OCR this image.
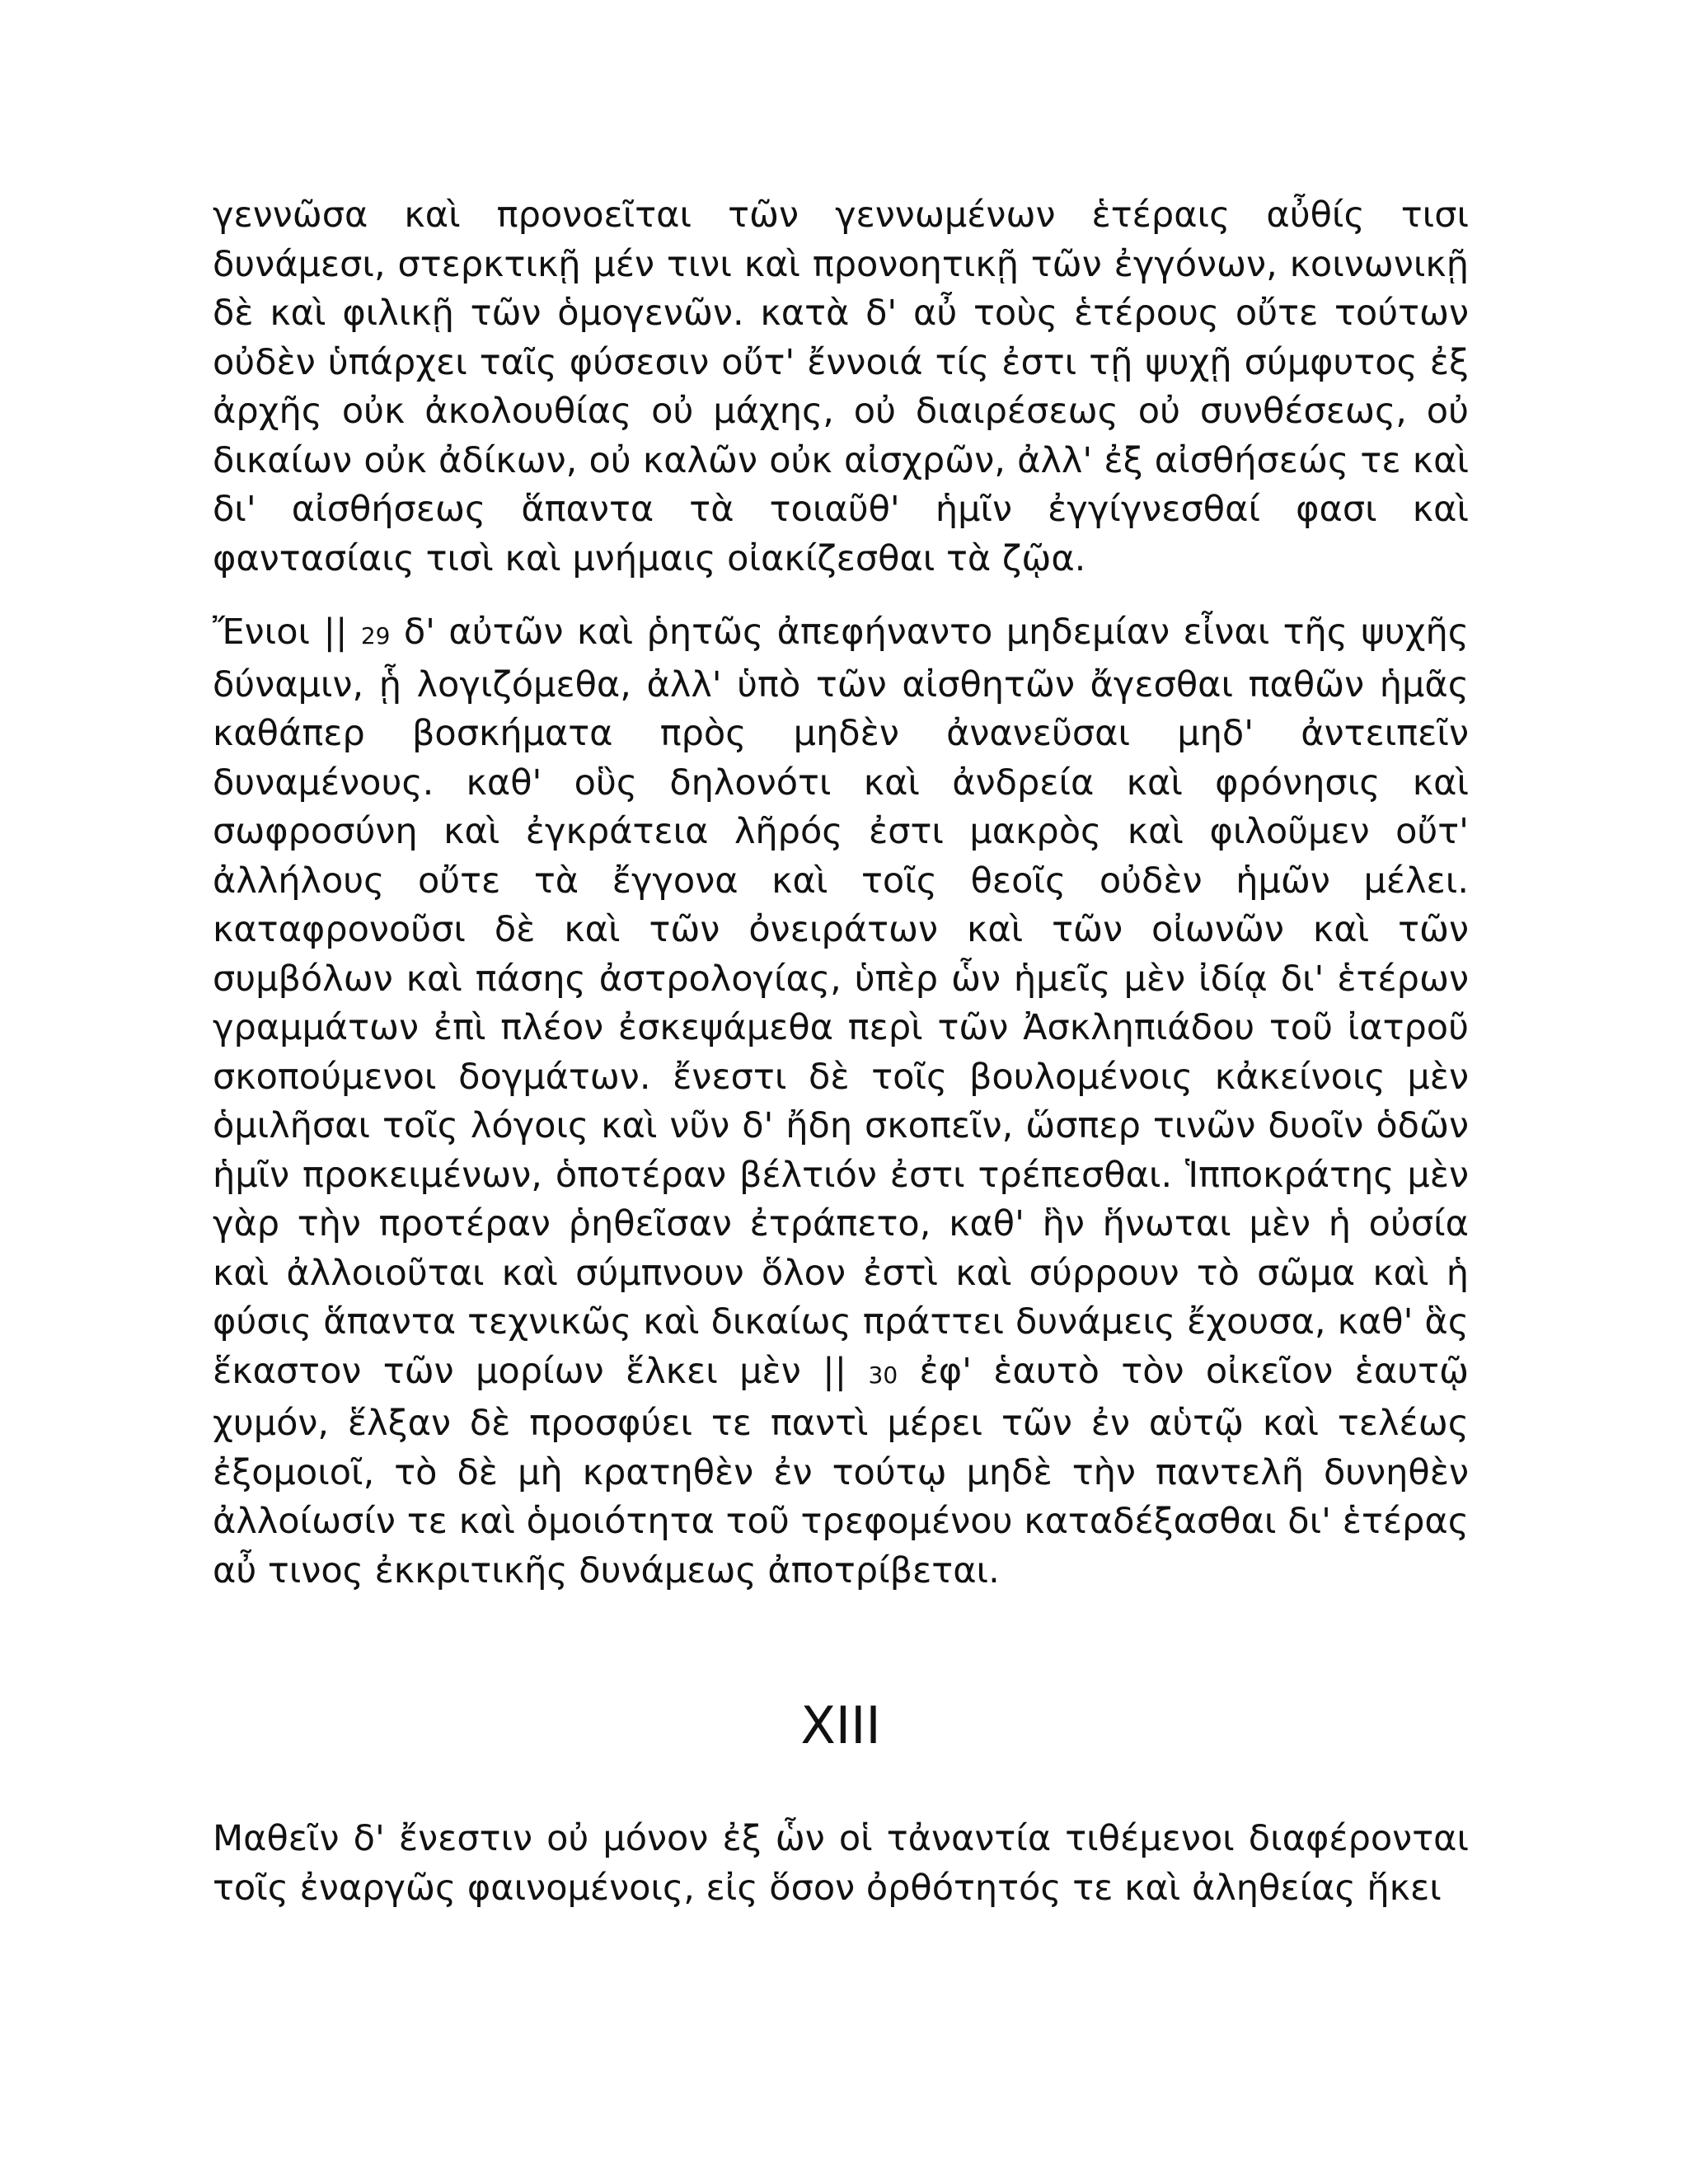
γεννῶσα καὶ προνοεῖται τῶν γεννωμένων ἑτέραις αὖθίς τισι δυνάμεσι, στερκτικῇ μέν τινι καὶ προνοητικῇ τῶν ἐγγόνων, κοινωνικῇ δὲ καὶ φιλικῇ τῶν ὁμογενῶν. κατὰ δ' αὖ τοὺς ἑτέρους οὔτε τούτων οὐδὲν ὑπάρχει ταῖς φύσεσιν οὔτ' ἔννοιά τίς ἐστι τῇ ψυχῇ σύμφυτος ἐξ ἀρχῆς οὐκ ἀκολουθίας οὐ μάχης, οὐ διαιρέσεως οὐ συνθέσεως, οὐ δικαίων οὐκ ἀδίκων, οὐ καλῶν οὐκ αἰσχρῶν, ἀλλ' ἐξ αἰσθήσεώς τε καὶ δι' αἰσθήσεως ἅπαντα τὰ τοιαῦθ' ἡμῖν ἐγγίγνεσθαί φασι καὶ φαντασίαις τισὶ καὶ μνήμαις οἰακίζεσθαι τὰ ζῷα.

Ἔνιοι || 29 δ' αὐτῶν καὶ ῥητῶς ἀπεφήναντο μηδεμίαν εἶναι τῆς ψυχῆς δύναμιν, ᾗ λογιζόμεθα, ἀλλ' ὑπὸ τῶν αἰσθητῶν ἄγεσθαι παθῶν ἡμᾶς καθάπερ βοσκήματα πρὸς μηδὲν ἀνανεῦσαι μηδ' ἀντειπεῖν δυναμένους. καθ' οὓς δηλονότι καὶ ἀνδρεία καὶ φρόνησις καὶ σωφροσύνη καὶ ἐγκράτεια λῆρός ἐστι μακρὸς καὶ φιλοῦμεν οὔτ' ἀλλήλους οὔτε τὰ ἔγγονα καὶ τοῖς θεοῖς οὐδὲν ἡμῶν μέλει. καταφρονοῦσι δὲ καὶ τῶν ὀνειράτων καὶ τῶν οἰωνῶν καὶ τῶν συμβόλων καὶ πάσης ἀστρολογίας, ὑπὲρ ὧν ἡμεῖς μὲν ἰδίᾳ δι' ἑτέρων γραμμάτων ἐπὶ πλέον ἐσκεψάμεθα περὶ τῶν Ἀσκληπιάδου τοῦ ἰατροῦ σκοπούμενοι δογμάτων. ἔνεστι δὲ τοῖς βουλομένοις κἀκείνοις μὲν ὁμιλῆσαι τοῖς λόγοις καὶ νῦν δ' ἤδη σκοπεῖν, ὥσπερ τινῶν δυοῖν ὁδῶν ἡμῖν προκειμένων, ὁποτέραν βέλτιόν ἐστι τρέπεσθαι. Ἱπποκράτης μὲν γὰρ τὴν προτέραν ῥηθεῖσαν ἐτράπετο, καθ' ἣν ἥνωται μὲν ἡ οὐσία καὶ ἀλλοιοῦται καὶ σύμπνουν ὅλον ἐστὶ καὶ σύρρουν τὸ σῶμα καὶ ἡ φύσις ἅπαντα τεχνικῶς καὶ δικαίως πράττει δυνάμεις ἔχουσα, καθ' ἃς ἕκαστον τῶν μορίων ἕλκει μὲν || 30 ἐφ' ἑαυτὸ τὸν οἰκεῖον ἑαυτῷ χυμόν, ἕλξαν δὲ προσφύει τε παντὶ μέρει τῶν ἐν αὑτῷ καὶ τελέως ἐξομοιοῖ, τὸ δὲ μὴ κρατηθὲν ἐν τούτῳ μηδὲ τὴν παντελῆ δυνηθὲν ἀλλοίωσίν τε καὶ ὁμοιότητα τοῦ τρεφομένου καταδέξασθαι δι' ἑτέρας αὖ τινος ἐκκριτικῆς δυνάμεως ἀποτρίβεται.

XIII

Μαθεῖν δ' ἔνεστιν οὐ μόνον ἐξ ὧν οἱ τἀναντία τιθέμενοι διαφέρονται τοῖς ἐναργῶς φαινομένοις, εἰς ὅσον ὀρθότητός τε καὶ ἀληθείας ἥκει
